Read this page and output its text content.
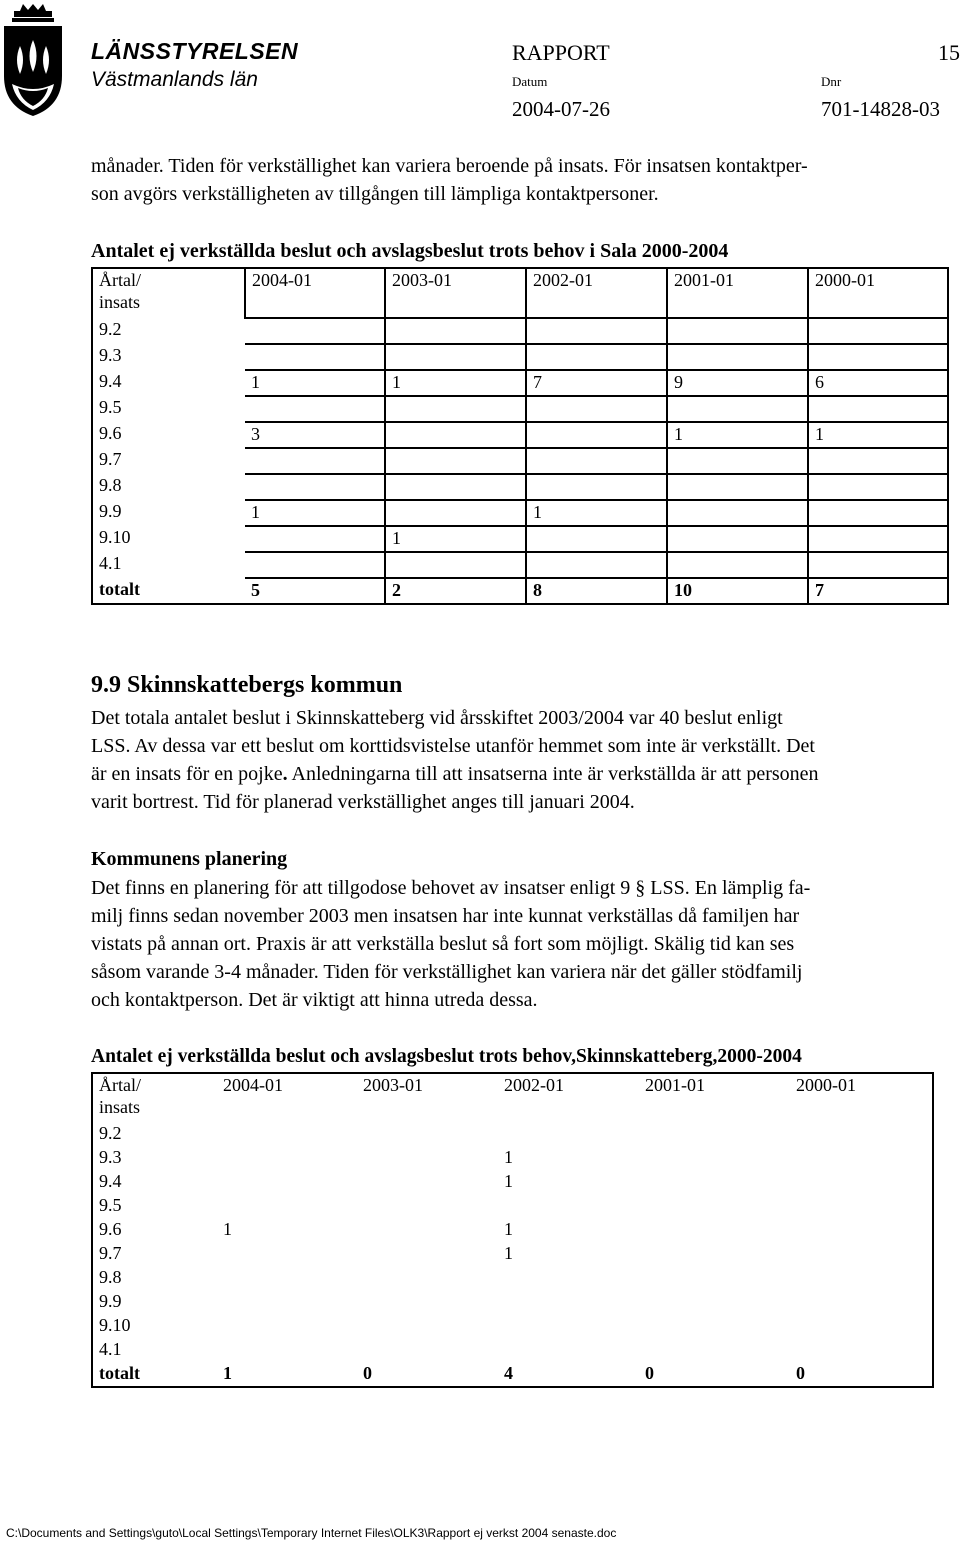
LÄNSSTYRELSEN
Västmanlands län
RAPPORT	15
Datum	Dnr
2004-07-26	701-14828-03

månader. Tiden för verkställighet kan variera beroende på insats. För insatsen kontaktper-

son avgörs verkställigheten av tillgången till lämpliga kontaktpersoner.

Antalet ej verkställda beslut och avslagsbeslut trots behov i Sala 2000-2004
Årtal/
insats	2004-01	2003-01	2002-01	2001-01	2000-01
9.2					
9.3					
9.4	1	1	7	9	6
9.5					
9.6	3			1	1
9.7					
9.8					
9.9	1		1		
9.10		1			
4.1					
totalt	5	2	8	10	7
9.9 Skinnskattebergs kommun

Det totala antalet beslut i Skinnskatteberg vid årsskiftet 2003/2004 var 40 beslut enligt

LSS. Av dessa var ett beslut om korttidsvistelse utanför hemmet som inte är verkställt. Det

är en insats för en pojke. Anledningarna till att insatserna inte är verkställda är att personen

varit bortrest. Tid för planerad verkställighet anges till januari 2004.

Kommunens planering

Det finns en planering för att tillgodose behovet av insatser enligt 9 § LSS. En lämplig fa-

milj finns sedan november 2003 men insatsen har inte kunnat verkställas då familjen har

vistats på annan ort. Praxis är att verkställa beslut så fort som möjligt. Skälig tid kan ses

såsom varande 3-4 månader. Tiden för verkställighet kan variera när det gäller stödfamilj

och kontaktperson. Det är viktigt att hinna utreda dessa.

Antalet ej verkställda beslut och avslagsbeslut trots behov,Skinnskatteberg,2000-2004
Årtal/
insats	2004-01	2003-01	2002-01	2001-01	2000-01
9.2					
9.3			1		
9.4			1		
9.5					
9.6	1		1		
9.7			1		
9.8					
9.9					
9.10					
4.1					
totalt	1	0	4	0	0
C:\Documents and Settings\guto\Local Settings\Temporary Internet Files\OLK3\Rapport ej verkst 2004 senaste.doc
